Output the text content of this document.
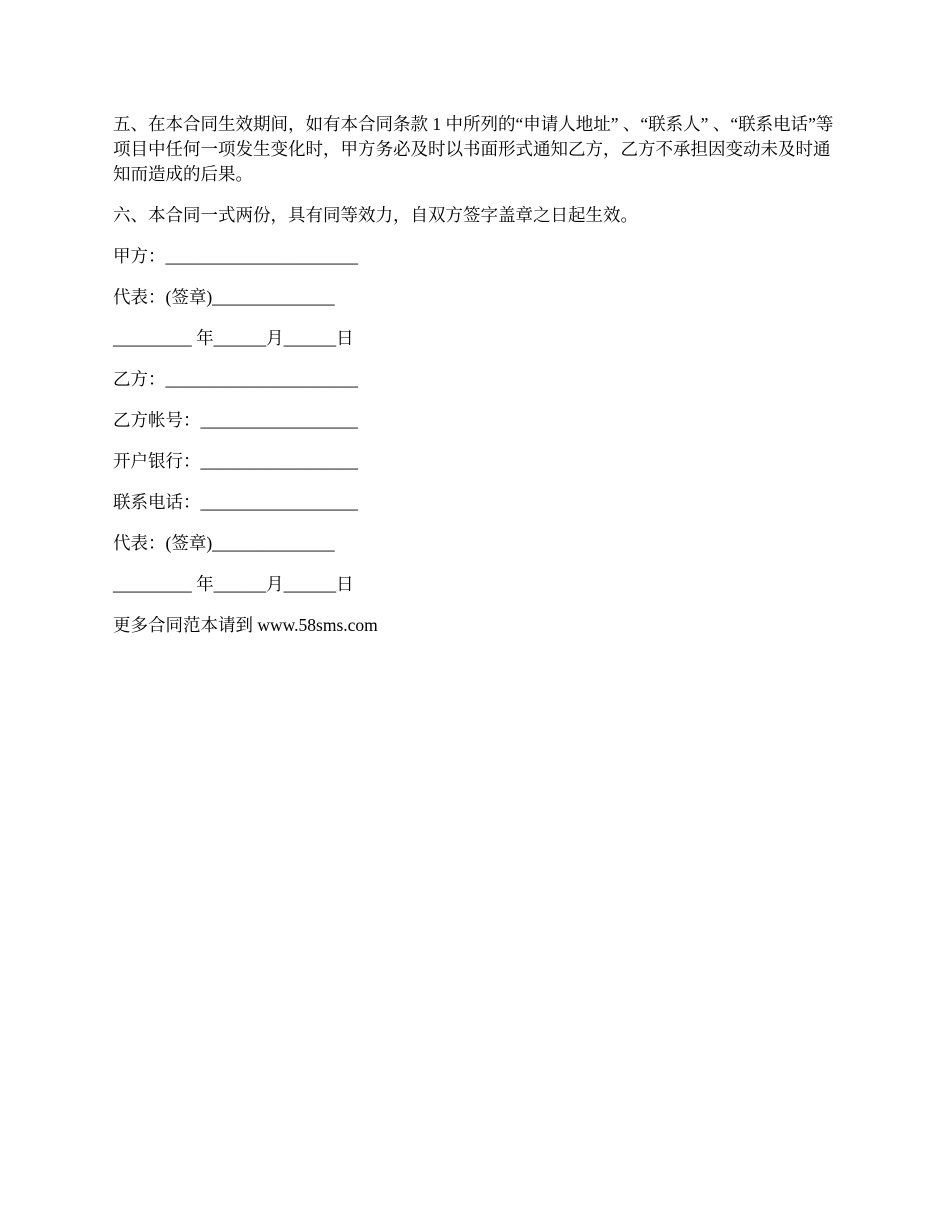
五、在本合同生效期间，如有本合同条款 1 中所列的“申请人地址” 、“联系人” 、“联系电话”等项目中任何一项发生变化时，甲方务必及时以书面形式通知乙方，乙方不承担因变动未及时通知而造成的后果。

六、本合同一式两份，具有同等效力，自双方签字盖章之日起生效。

甲方：______________________
代表：(签章)______________
_________ 年______月______日
乙方：______________________
乙方帐号：__________________
开户银行：__________________
联系电话：__________________
代表：(签章)______________
_________ 年______月______日
更多合同范本请到 www.58sms.com
